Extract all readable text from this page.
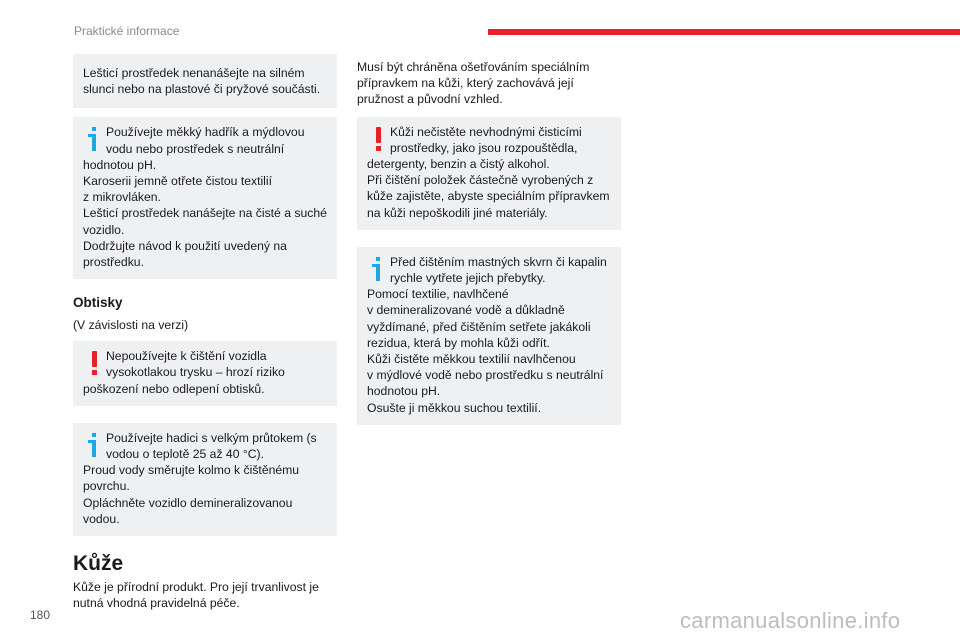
Praktické informace
Lešticí prostředek nenanášejte na silném slunci nebo na plastové či pryžové součásti.
Používejte měkký hadřík a mýdlovou vodu nebo prostředek s neutrální
hodnotou pH.
Karoserii jemně otřete čistou textilií
z mikrovláken.
Lešticí prostředek nanášejte na čisté a suché vozidlo.
Dodržujte návod k použití uvedený na prostředku.
Obtisky
(V závislosti na verzi)
Nepoužívejte k čištění vozidla vysokotlakou trysku – hrozí riziko
poškození nebo odlepení obtisků.
Používejte hadici s velkým průtokem (s vodou o teplotě 25 až 40 °C).
Proud vody směrujte kolmo k čištěnému povrchu.
Opláchněte vozidlo demineralizovanou vodou.
Kůže
Kůže je přírodní produkt. Pro její trvanlivost je nutná vhodná pravidelná péče.
Musí být chráněna ošetřováním speciálním přípravkem na kůži, který zachovává její pružnost a původní vzhled.
Kůži nečistěte nevhodnými čisticími prostředky, jako jsou rozpouštědla,
detergenty, benzin a čistý alkohol.
Při čištění položek částečně vyrobených z kůže zajistěte, abyste speciálním přípravkem na kůži nepoškodili jiné materiály.
Před čištěním mastných skvrn či kapalin rychle vytřete jejich přebytky.
Pomocí textilie, navlhčené
v demineralizované vodě a důkladně vyždímané, před čištěním setřete jakákoli rezidua, která by mohla kůži odřít.
Kůži čistěte měkkou textilií navlhčenou
v mýdlové vodě nebo prostředku s neutrální hodnotou pH.
Osušte ji měkkou suchou textilií.
180	carmanualsonline.info
